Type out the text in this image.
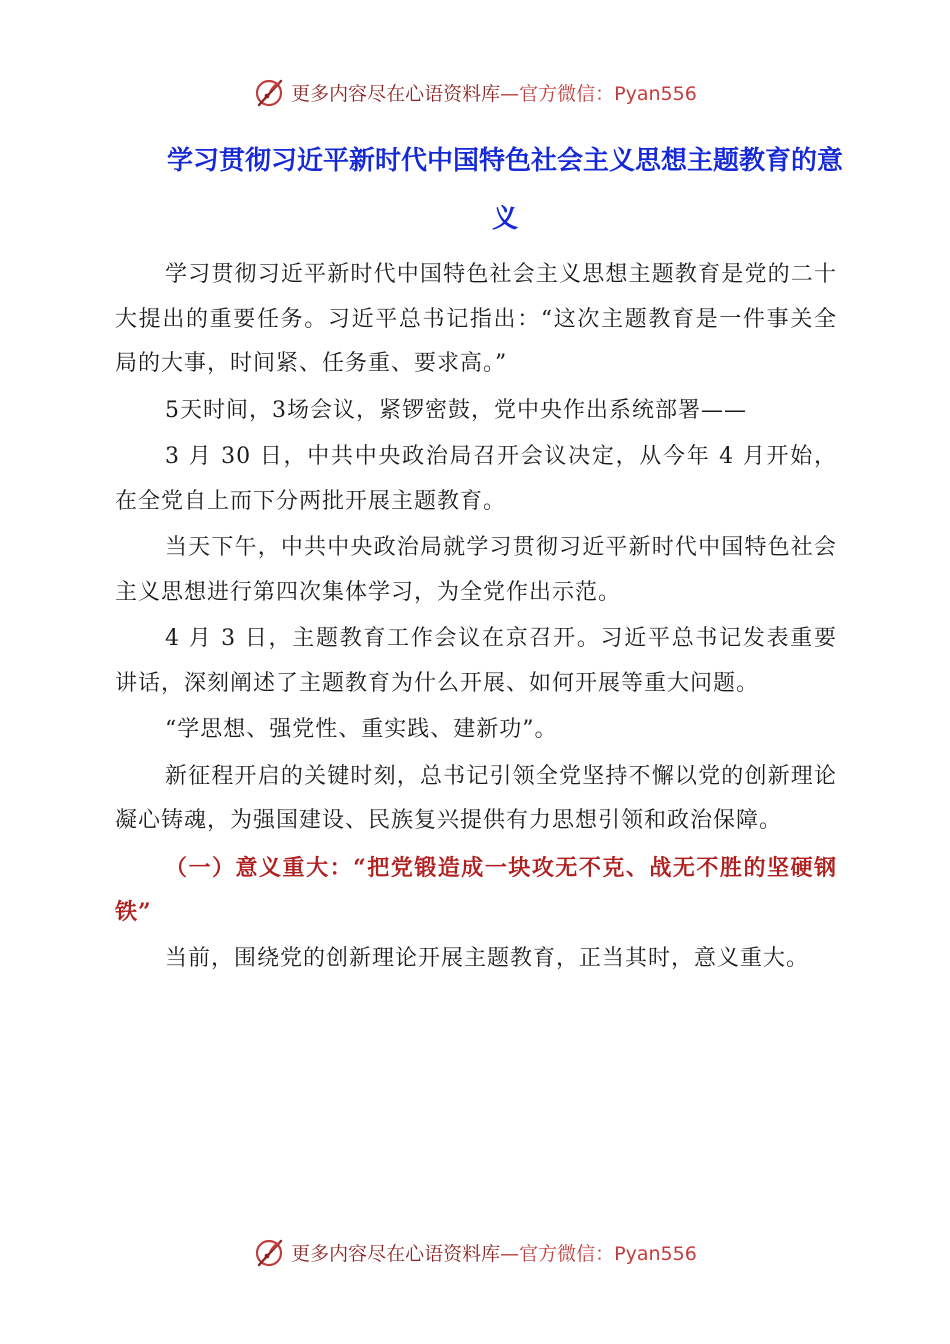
更多内容尽在心语资料库—官方微信：Pyan556
学习贯彻习近平新时代中国特色社会主义思想主题教育的意义

学习贯彻习近平新时代中国特色社会主义思想主题教育是党的二十大提出的重要任务。习近平总书记指出：“这次主题教育是一件事关全局的大事，时间紧、任务重、要求高。”

5天时间，3场会议，紧锣密鼓，党中央作出系统部署——

3 月 30 日，中共中央政治局召开会议决定，从今年 4 月开始，在全党自上而下分两批开展主题教育。

当天下午，中共中央政治局就学习贯彻习近平新时代中国特色社会主义思想进行第四次集体学习，为全党作出示范。

4 月 3 日，主题教育工作会议在京召开。习近平总书记发表重要讲话，深刻阐述了主题教育为什么开展、如何开展等重大问题。

“学思想、强党性、重实践、建新功”。

新征程开启的关键时刻，总书记引领全党坚持不懈以党的创新理论凝心铸魂，为强国建设、民族复兴提供有力思想引领和政治保障。

（一）意义重大：“把党锻造成一块攻无不克、战无不胜的坚硬钢铁”

当前，围绕党的创新理论开展主题教育，正当其时，意义重大。

更多内容尽在心语资料库—官方微信：Pyan556
